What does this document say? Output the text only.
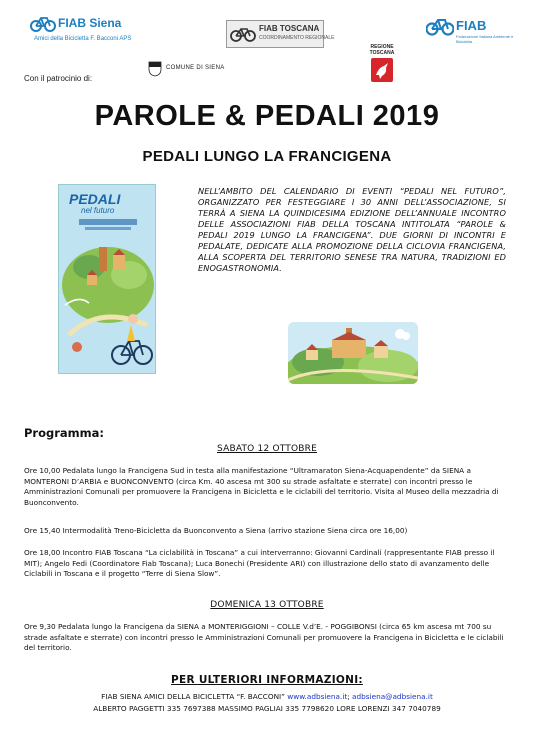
FIAB Siena
Amici della Bicicletta F. Bacconi APS
FIAB TOSCANA
COORDINAMENTO REGIONALE
FIAB
Federazione Italiana Ambiente e Bicicletta
Con il patrocinio di:
COMUNE DI SIENA
REGIONE TOSCANA
PAROLE & PEDALI 2019
PEDALI LUNGO LA FRANCIGENA
PEDALI
nel futuro
NELL’AMBITO DEL CALENDARIO DI EVENTI “PEDALI NEL FUTURO”, ORGANIZZATO PER FESTEGGIARE I 30 ANNI DELL’ASSOCIAZIONE, SI TERRÀ A SIENA LA QUINDICESIMA EDIZIONE DELL’ANNUALE INCONTRO DELLE ASSOCIAZIONI FIAB DELLA TOSCANA INTITOLATA “PAROLE & PEDALI 2019 LUNGO LA FRANCIGENA”. DUE GIORNI DI INCONTRI E PEDALATE, DEDICATE ALLA PROMOZIONE DELLA CICLOVIA FRANCIGENA, ALLA SCOPERTA DEL TERRITORIO SENESE TRA NATURA, TRADIZIONI ED ENOGASTRONOMIA.
Programma:
SABATO 12 OTTOBRE
Ore 10,00 Pedalata lungo la Francigena Sud in testa alla manifestazione “Ultramaraton Siena-Acquapendente” da SIENA a MONTERONI D’ARBIA e BUONCONVENTO (circa Km. 40 ascesa mt 300 su strade asfaltate e sterrate) con incontri presso le Amministrazioni Comunali per promuovere la Francigena in Bicicletta e le ciclabili del territorio. Visita al Museo della mezzadria di Buonconvento.
Ore 15,40 Intermodalità Treno-Bicicletta da Buonconvento a Siena (arrivo stazione Siena circa ore 16,00)
Ore 18,00 Incontro FIAB Toscana “La ciclabilità in Toscana” a cui interverranno: Giovanni Cardinali (rappresentante FIAB presso il MIT); Angelo Fedi (Coordinatore Fiab Toscana); Luca Bonechi (Presidente ARI) con illustrazione dello stato di avanzamento delle Ciclabili in Toscana e il progetto “Terre di Siena Slow”.
DOMENICA 13 OTTOBRE
Ore 9,30 Pedalata lungo la Francigena da SIENA a MONTERIGGIONI – COLLE V.d’E. - POGGIBONSI (circa 65 km ascesa mt 700 su strade asfaltate e sterrate) con incontri presso le Amministrazioni Comunali per promuovere la Francigena in Bicicletta e le ciclabili del territorio.
PER ULTERIORI INFORMAZIONI:
FIAB SIENA AMICI DELLA BICICLETTA “F. BACCONI” www.adbsiena.it; adbsiena@adbsiena.it
ALBERTO PAGGETTI 335 7697388 MASSIMO PAGLIAI 335 7798620 LORE LORENZI 347 7040789
